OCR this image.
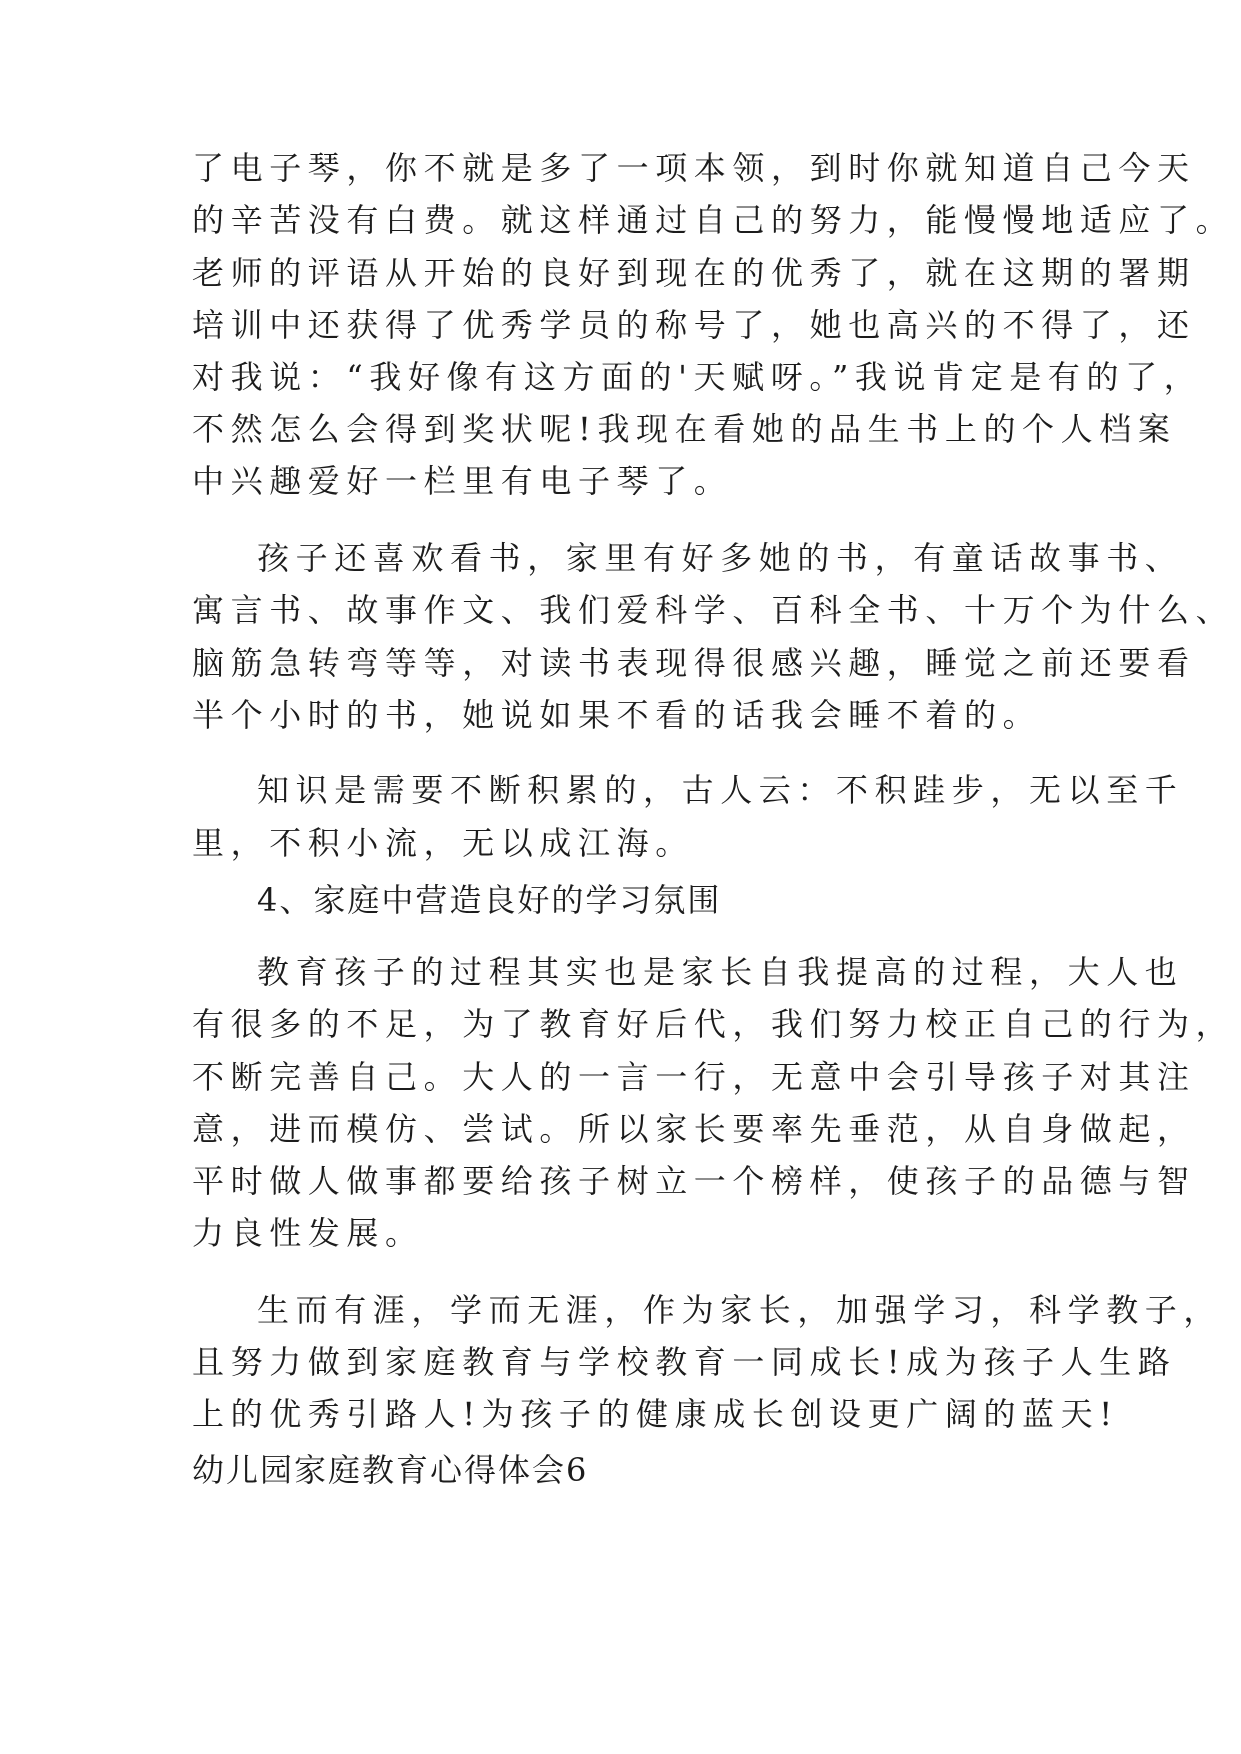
了电子琴，你不就是多了一项本领，到时你就知道自己今天
的辛苦没有白费。就这样通过自己的努力，能慢慢地适应了。
老师的评语从开始的良好到现在的优秀了，就在这期的署期
培训中还获得了优秀学员的称号了，她也高兴的不得了，还
对我说：“我好像有这方面的'天赋呀。”我说肯定是有的了，
不然怎么会得到奖状呢!我现在看她的品生书上的个人档案
中兴趣爱好一栏里有电子琴了。
孩子还喜欢看书，家里有好多她的书，有童话故事书、
寓言书、故事作文、我们爱科学、百科全书、十万个为什么、
脑筋急转弯等等，对读书表现得很感兴趣，睡觉之前还要看
半个小时的书，她说如果不看的话我会睡不着的。
知识是需要不断积累的，古人云：不积跬步，无以至千
里，不积小流，无以成江海。
4、家庭中营造良好的学习氛围
教育孩子的过程其实也是家长自我提高的过程，大人也
有很多的不足，为了教育好后代，我们努力校正自己的行为，
不断完善自己。大人的一言一行，无意中会引导孩子对其注
意，进而模仿、尝试。所以家长要率先垂范，从自身做起，
平时做人做事都要给孩子树立一个榜样，使孩子的品德与智
力良性发展。
生而有涯，学而无涯，作为家长，加强学习，科学教子，
且努力做到家庭教育与学校教育一同成长!成为孩子人生路
上的优秀引路人!为孩子的健康成长创设更广阔的蓝天!
幼儿园家庭教育心得体会6
